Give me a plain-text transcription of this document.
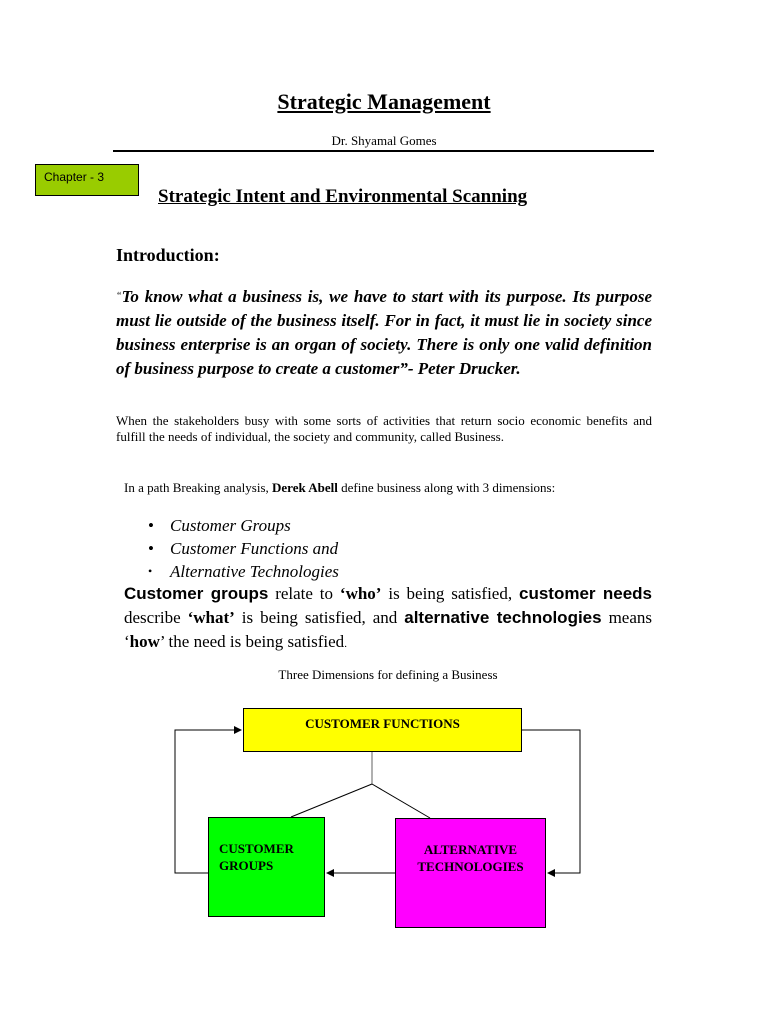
Strategic Management

Dr. Shyamal Gomes

Chapter - 3
Strategic Intent and Environmental Scanning
Introduction:

“To know what a business is, we have to start with its purpose. Its purpose must lie outside of the business itself. For in fact, it must lie in society since business enterprise is an organ of society. There is only one valid definition of business purpose to create a customer”- Peter Drucker.

When the stakeholders busy with some sorts of activities that return socio economic benefits and fulfill the needs of individual, the society and community, called Business.

In a path Breaking analysis, Derek Abell define business along with 3 dimensions:

• Customer Groups
• Customer Functions and
•	Alternative Technologies

Customer groups relate to ‘who’ is being satisfied, customer needs describe ‘what’ is being satisfied, and alternative technologies means ‘how’ the need is being satisfied.

Three Dimensions for defining a Business

CUSTOMER FUNCTIONS
CUSTOMER
GROUPS
ALTERNATIVE
TECHNOLOGIES
